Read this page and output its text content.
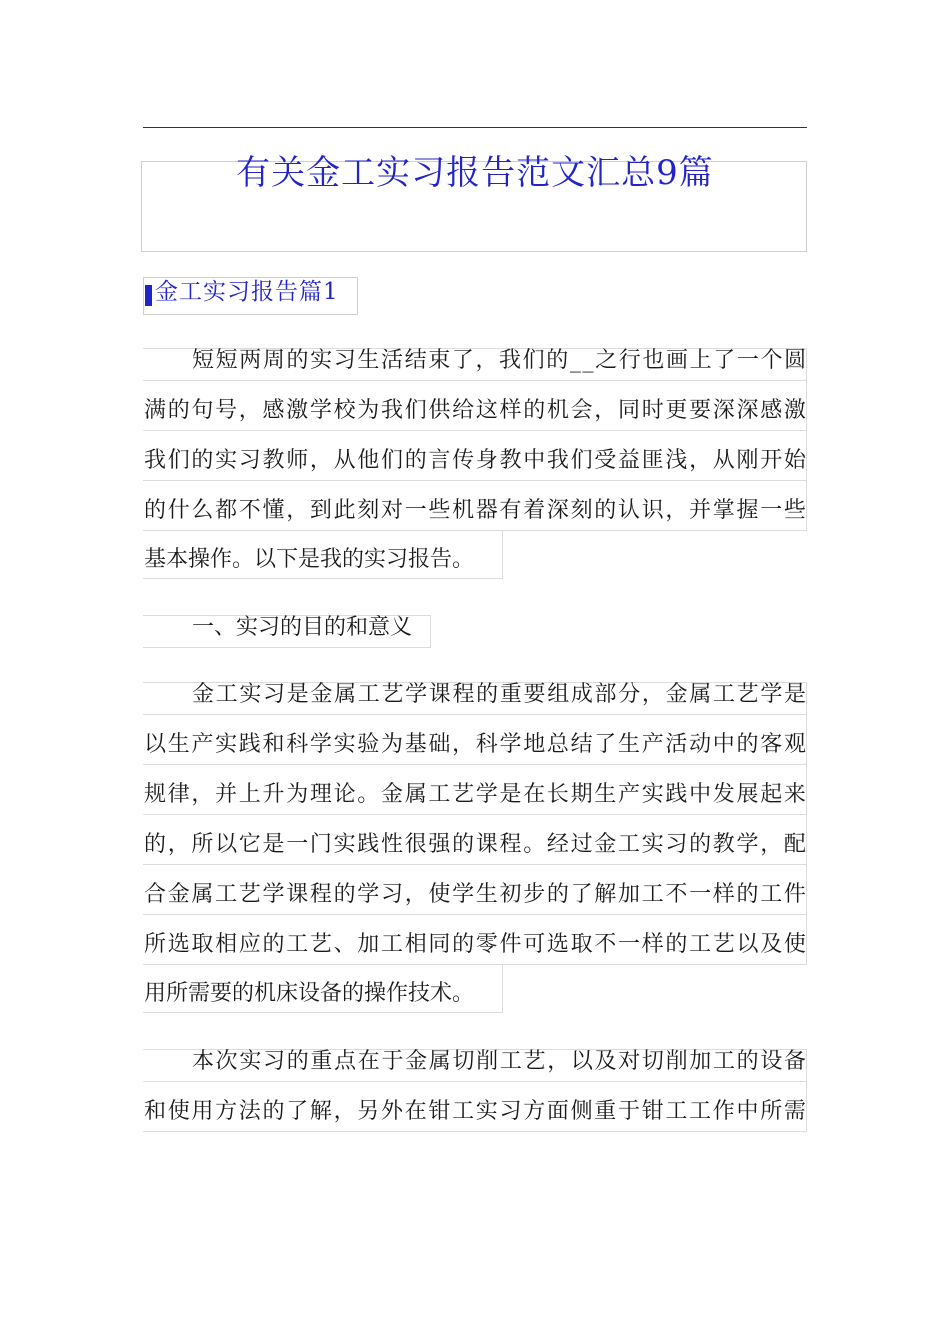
有关金工实习报告范文汇总9篇
金工实习报告篇1
短短两周的实习生活结束了，我们的__之行也画上了一个圆
满的句号，感激学校为我们供给这样的机会，同时更要深深感激
我们的实习教师，从他们的言传身教中我们受益匪浅，从刚开始
的什么都不懂，到此刻对一些机器有着深刻的认识，并掌握一些
基本操作。以下是我的实习报告。
一、实习的目的和意义
金工实习是金属工艺学课程的重要组成部分，金属工艺学是
以生产实践和科学实验为基础，科学地总结了生产活动中的客观
规律，并上升为理论。金属工艺学是在长期生产实践中发展起来
的，所以它是一门实践性很强的课程。经过金工实习的教学，配
合金属工艺学课程的学习，使学生初步的了解加工不一样的工件
所选取相应的工艺、加工相同的零件可选取不一样的工艺以及使
用所需要的机床设备的操作技术。
本次实习的重点在于金属切削工艺，以及对切削加工的设备
和使用方法的了解，另外在钳工实习方面侧重于钳工工作中所需
